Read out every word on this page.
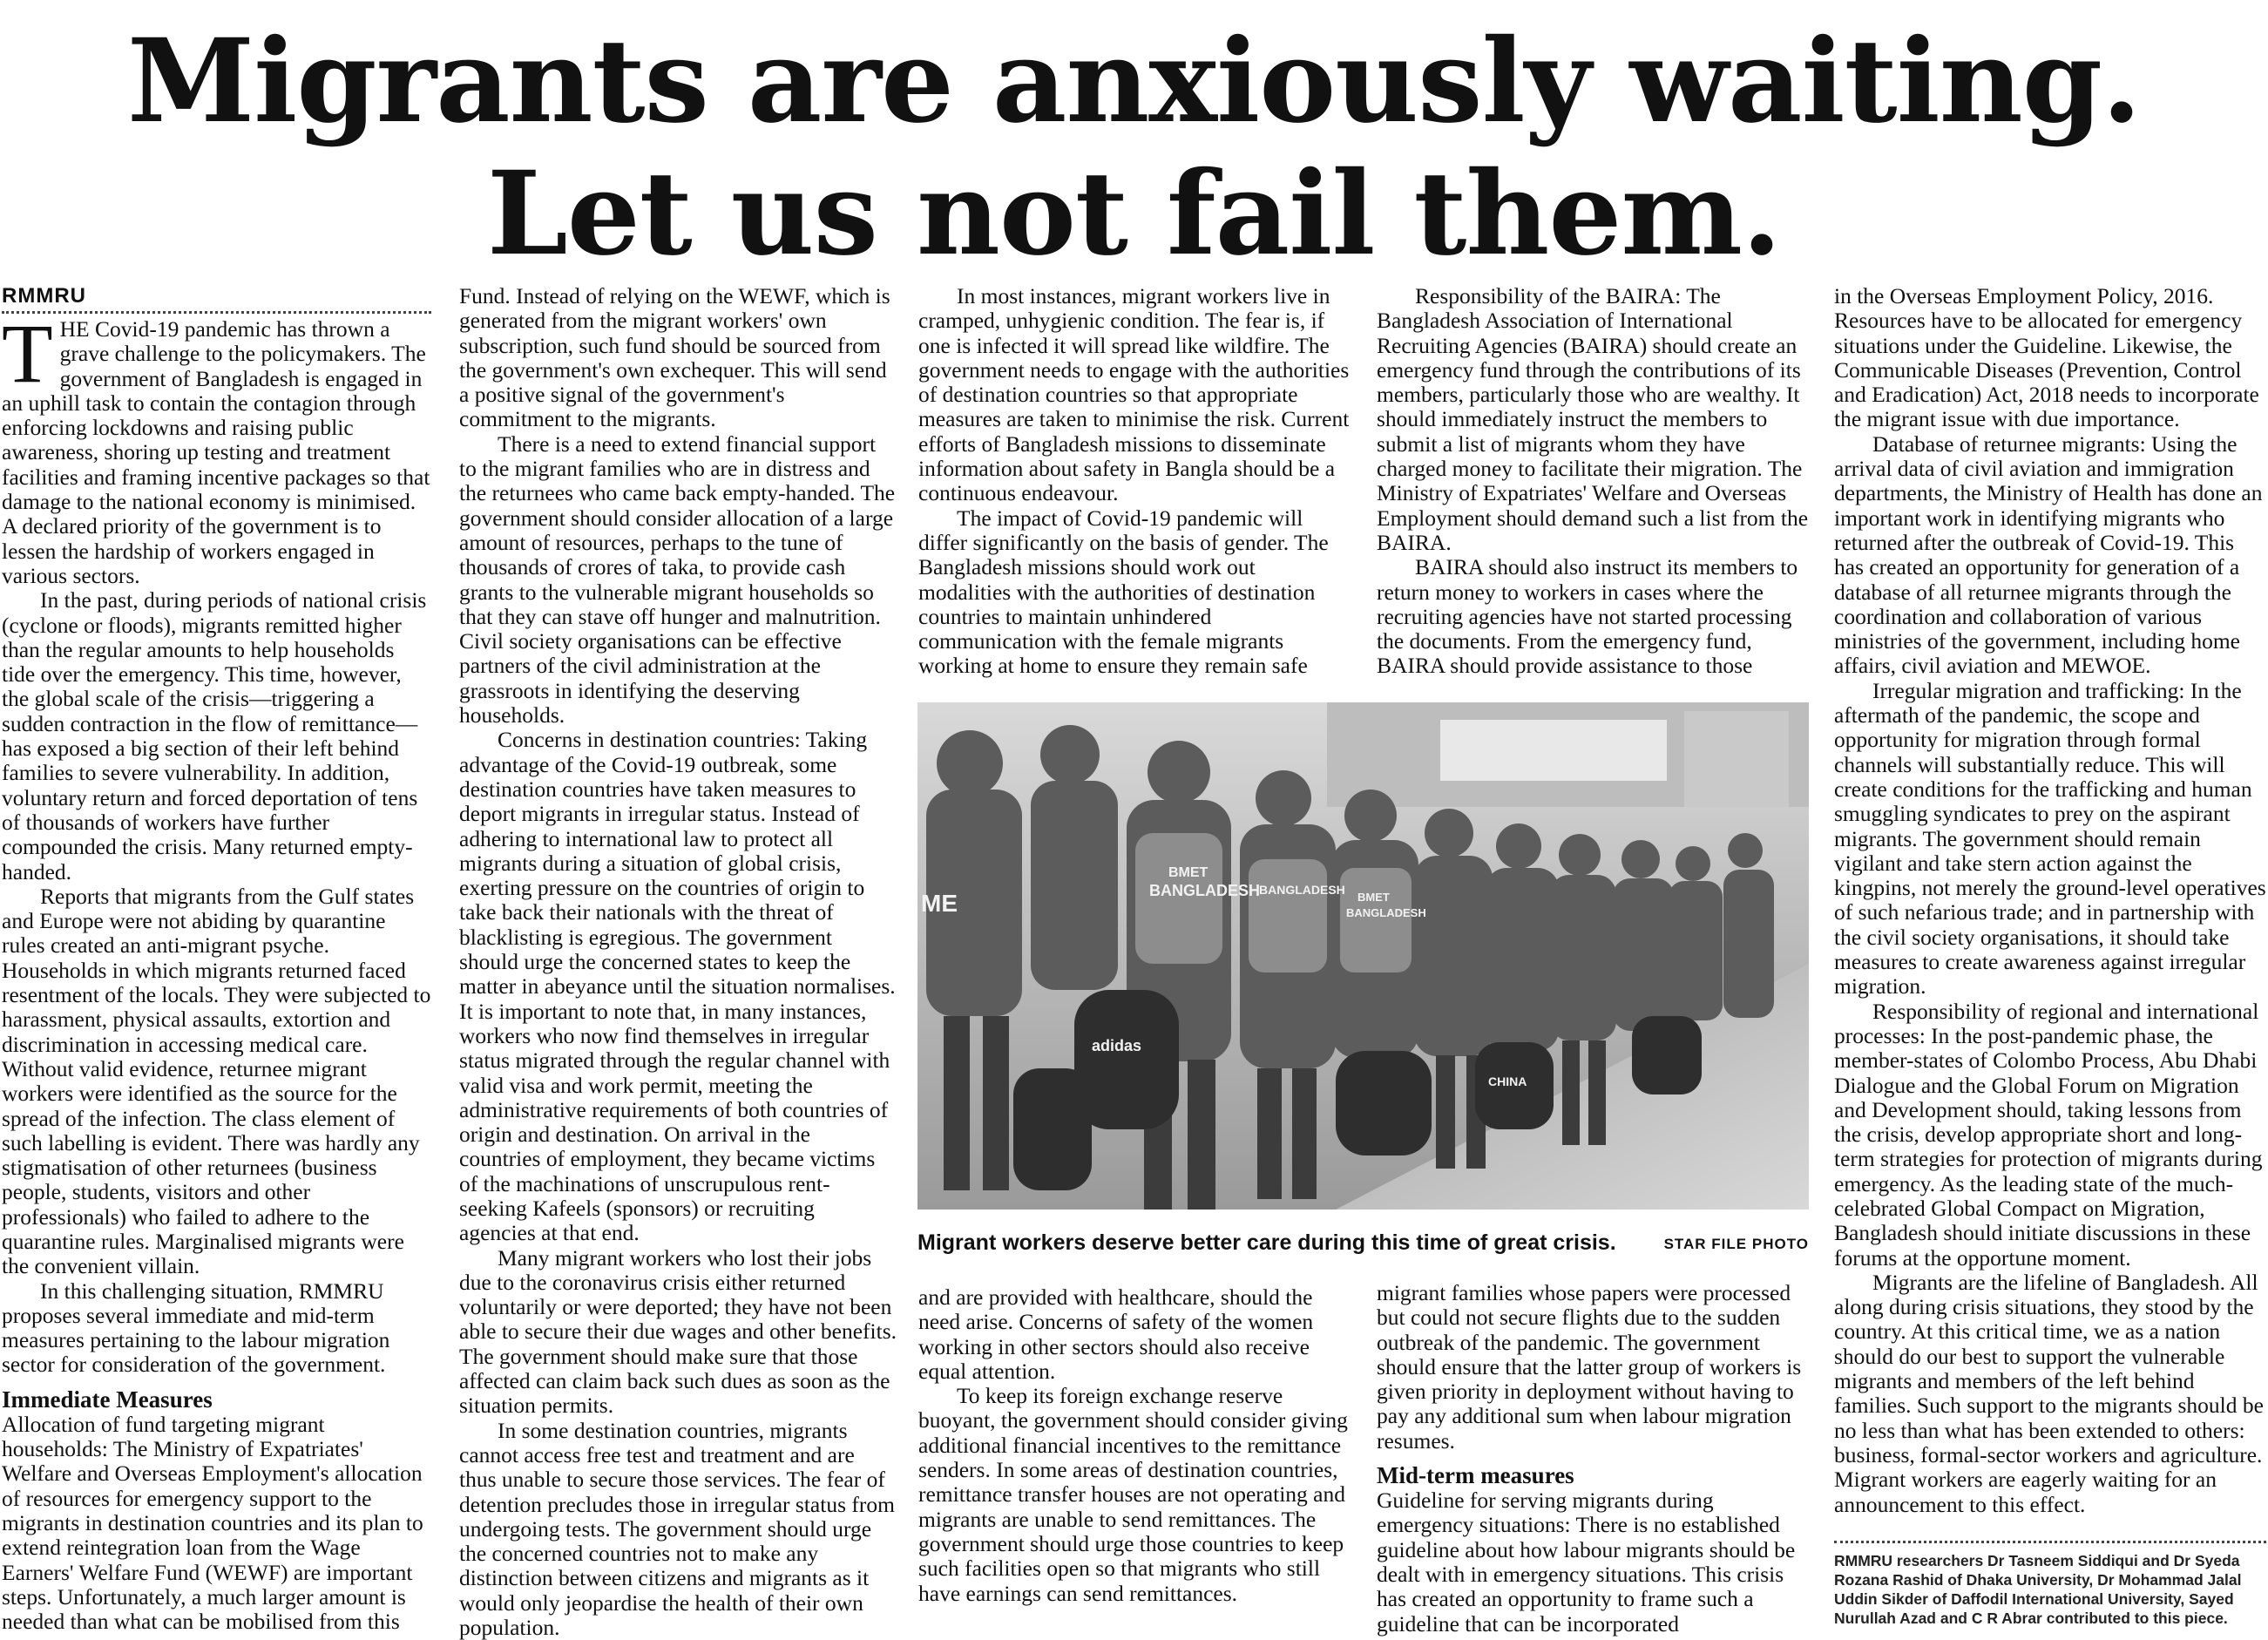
Migrants are anxiously waiting.
Let us not fail them.
RMMRU

THE Covid-19 pandemic has thrown a grave challenge to the policymakers. The government of Bangladesh is engaged in an uphill task to contain the contagion through enforcing lockdowns and raising public awareness, shoring up testing and treatment facilities and framing incentive packages so that damage to the national economy is minimised. A declared priority of the government is to lessen the hardship of workers engaged in various sectors.

In the past, during periods of national crisis (cyclone or floods), migrants remitted higher than the regular amounts to help households tide over the emergency. This time, however, the global scale of the crisis—triggering a sudden contraction in the flow of remittance—has exposed a big section of their left behind families to severe vulnerability. In addition, voluntary return and forced deportation of tens of thousands of workers have further compounded the crisis. Many returned empty-handed.

Reports that migrants from the Gulf states and Europe were not abiding by quarantine rules created an anti-migrant psyche. Households in which migrants returned faced resentment of the locals. They were subjected to harassment, physical assaults, extortion and discrimination in accessing medical care. Without valid evidence, returnee migrant workers were identified as the source for the spread of the infection. The class element of such labelling is evident. There was hardly any stigmatisation of other returnees (business people, students, visitors and other professionals) who failed to adhere to the quarantine rules. Marginalised migrants were the convenient villain.

In this challenging situation, RMMRU proposes several immediate and mid-term measures pertaining to the labour migration sector for consideration of the government.

Immediate Measures

Allocation of fund targeting migrant households: The Ministry of Expatriates' Welfare and Overseas Employment's allocation of resources for emergency support to the migrants in destination countries and its plan to extend reintegration loan from the Wage Earners' Welfare Fund (WEWF) are important steps. Unfortunately, a much larger amount is needed than what can be mobilised from this

Fund. Instead of relying on the WEWF, which is generated from the migrant workers' own subscription, such fund should be sourced from the government's own exchequer. This will send a positive signal of the government's commitment to the migrants.

There is a need to extend financial support to the migrant families who are in distress and the returnees who came back empty-handed. The government should consider allocation of a large amount of resources, perhaps to the tune of thousands of crores of taka, to provide cash grants to the vulnerable migrant households so that they can stave off hunger and malnutrition. Civil society organisations can be effective partners of the civil administration at the grassroots in identifying the deserving households.

Concerns in destination countries: Taking advantage of the Covid-19 outbreak, some destination countries have taken measures to deport migrants in irregular status. Instead of adhering to international law to protect all migrants during a situation of global crisis, exerting pressure on the countries of origin to take back their nationals with the threat of blacklisting is egregious. The government should urge the concerned states to keep the matter in abeyance until the situation normalises. It is important to note that, in many instances, workers who now find themselves in irregular status migrated through the regular channel with valid visa and work permit, meeting the administrative requirements of both countries of origin and destination. On arrival in the countries of employment, they became victims of the machinations of unscrupulous rent-seeking Kafeels (sponsors) or recruiting agencies at that end.

Many migrant workers who lost their jobs due to the coronavirus crisis either returned voluntarily or were deported; they have not been able to secure their due wages and other benefits. The government should make sure that those affected can claim back such dues as soon as the situation permits.

In some destination countries, migrants cannot access free test and treatment and are thus unable to secure those services. The fear of detention precludes those in irregular status from undergoing tests. The government should urge the concerned countries not to make any distinction between citizens and migrants as it would only jeopardise the health of their own population.

In most instances, migrant workers live in cramped, unhygienic condition. The fear is, if one is infected it will spread like wildfire. The government needs to engage with the authorities of destination countries so that appropriate measures are taken to minimise the risk. Current efforts of Bangladesh missions to disseminate information about safety in Bangla should be a continuous endeavour.

The impact of Covid-19 pandemic will differ significantly on the basis of gender. The Bangladesh missions should work out modalities with the authorities of destination countries to maintain unhindered communication with the female migrants working at home to ensure they remain safe

Responsibility of the BAIRA: The Bangladesh Association of International Recruiting Agencies (BAIRA) should create an emergency fund through the contributions of its members, particularly those who are wealthy. It should immediately instruct the members to submit a list of migrants whom they have charged money to facilitate their migration. The Ministry of Expatriates' Welfare and Overseas Employment should demand such a list from the BAIRA.

BAIRA should also instruct its members to return money to workers in cases where the recruiting agencies have not started processing the documents. From the emergency fund, BAIRA should provide assistance to those

BMET
BANGLADESH
BANGLADESH
BMET
BANGLADESH
adidas
ME
CHINA
Migrant workers deserve better care during this time of great crisis.	STAR FILE PHOTO

and are provided with healthcare, should the need arise. Concerns of safety of the women working in other sectors should also receive equal attention.

To keep its foreign exchange reserve buoyant, the government should consider giving additional financial incentives to the remittance senders. In some areas of destination countries, remittance transfer houses are not operating and migrants are unable to send remittances. The government should urge those countries to keep such facilities open so that migrants who still have earnings can send remittances.

migrant families whose papers were processed but could not secure flights due to the sudden outbreak of the pandemic. The government should ensure that the latter group of workers is given priority in deployment without having to pay any additional sum when labour migration resumes.

Mid-term measures

Guideline for serving migrants during emergency situations: There is no established guideline about how labour migrants should be dealt with in emergency situations. This crisis has created an opportunity to frame such a guideline that can be incorporated

in the Overseas Employment Policy, 2016. Resources have to be allocated for emergency situations under the Guideline. Likewise, the Communicable Diseases (Prevention, Control and Eradication) Act, 2018 needs to incorporate the migrant issue with due importance.

Database of returnee migrants: Using the arrival data of civil aviation and immigration departments, the Ministry of Health has done an important work in identifying migrants who returned after the outbreak of Covid-19. This has created an opportunity for generation of a database of all returnee migrants through the coordination and collaboration of various ministries of the government, including home affairs, civil aviation and MEWOE.

Irregular migration and trafficking: In the aftermath of the pandemic, the scope and opportunity for migration through formal channels will substantially reduce. This will create conditions for the trafficking and human smuggling syndicates to prey on the aspirant migrants. The government should remain vigilant and take stern action against the kingpins, not merely the ground-level operatives of such nefarious trade; and in partnership with the civil society organisations, it should take measures to create awareness against irregular migration.

Responsibility of regional and international processes: In the post-pandemic phase, the member-states of Colombo Process, Abu Dhabi Dialogue and the Global Forum on Migration and Development should, taking lessons from the crisis, develop appropriate short and long-term strategies for protection of migrants during emergency. As the leading state of the much-celebrated Global Compact on Migration, Bangladesh should initiate discussions in these forums at the opportune moment.

Migrants are the lifeline of Bangladesh. All along during crisis situations, they stood by the country. At this critical time, we as a nation should do our best to support the vulnerable migrants and members of the left behind families. Such support to the migrants should be no less than what has been extended to others: business, formal-sector workers and agriculture. Migrant workers are eagerly waiting for an announcement to this effect.

RMMRU researchers Dr Tasneem Siddiqui and Dr Syeda Rozana Rashid of Dhaka University, Dr Mohammad Jalal Uddin Sikder of Daffodil International University, Sayed Nurullah Azad and C R Abrar contributed to this piece.
